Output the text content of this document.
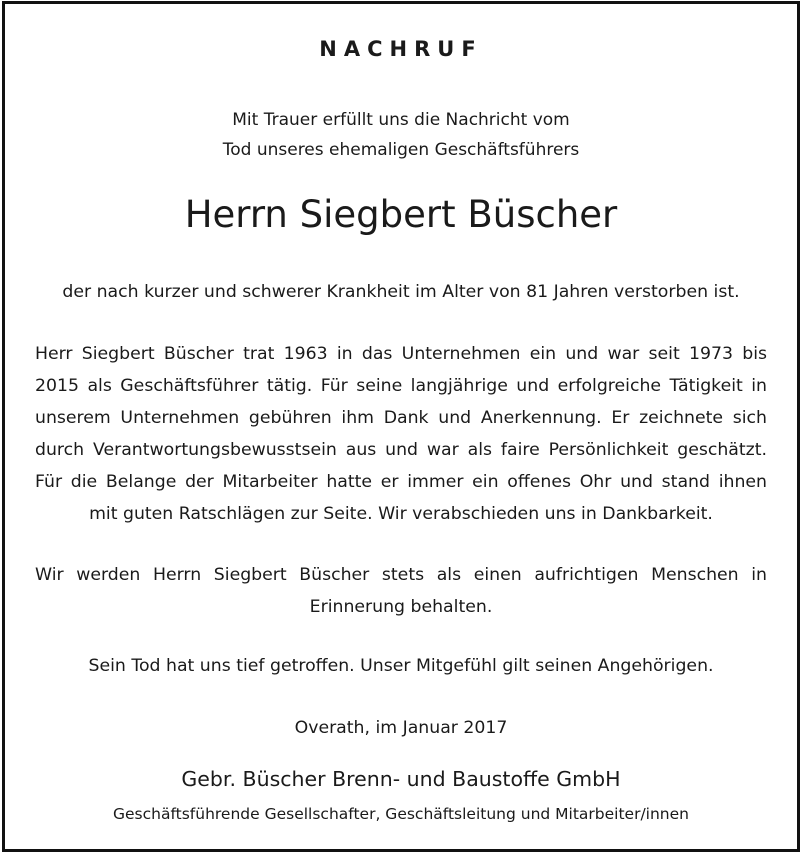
NACHRUF
Mit Trauer erfüllt uns die Nachricht vom
Tod unseres ehemaligen Geschäftsführers
Herrn Siegbert Büscher
der nach kurzer und schwerer Krankheit im Alter von 81 Jahren verstorben ist.
Herr Siegbert Büscher trat 1963 in das Unternehmen ein und war seit 1973 bis
2015 als Geschäftsführer tätig. Für seine langjährige und erfolgreiche Tätigkeit in
unserem Unternehmen gebühren ihm Dank und Anerkennung. Er zeichnete sich
durch Verantwortungsbewusstsein aus und war als faire Persönlichkeit geschätzt.
Für die Belange der Mitarbeiter hatte er immer ein offenes Ohr und stand ihnen
mit guten Ratschlägen zur Seite. Wir verabschieden uns in Dankbarkeit.
Wir werden Herrn Siegbert Büscher stets als einen aufrichtigen Menschen in
Erinnerung behalten.
Sein Tod hat uns tief getroffen. Unser Mitgefühl gilt seinen Angehörigen.
Overath, im Januar 2017
Gebr. Büscher Brenn- und Baustoffe GmbH
Geschäftsführende Gesellschafter, Geschäftsleitung und Mitarbeiter/innen
